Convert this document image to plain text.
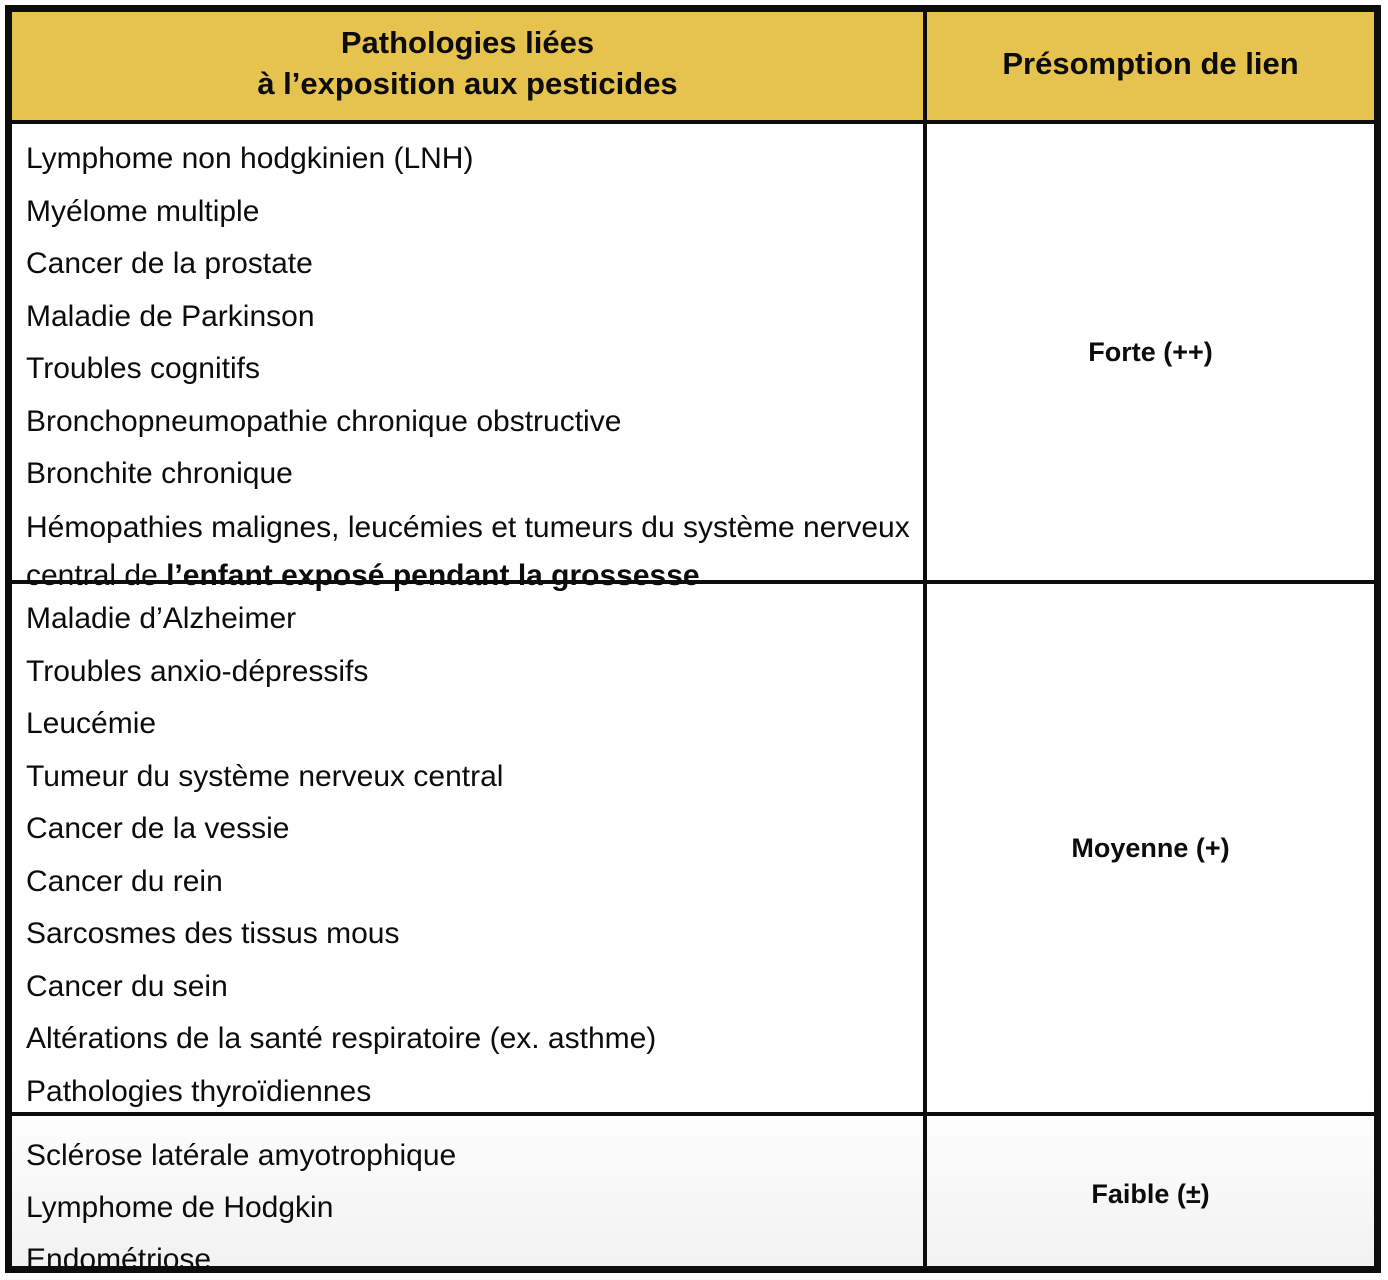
Pathologies liées
à l’exposition aux pesticides
Présomption de lien
Lymphome non hodgkinien (LNH)
Myélome multiple
Cancer de la prostate
Maladie de Parkinson
Troubles cognitifs
Bronchopneumopathie chronique obstructive
Bronchite chronique
Hémopathies malignes, leucémies et tumeurs du système nerveux central de l’enfant exposé pendant la grossesse
Forte (++)
Maladie d’Alzheimer
Troubles anxio-dépressifs
Leucémie
Tumeur du système nerveux central
Cancer de la vessie
Cancer du rein
Sarcosmes des tissus mous
Cancer du sein
Altérations de la santé respiratoire (ex. asthme)
Pathologies thyroïdiennes
Moyenne (+)
Sclérose latérale amyotrophique
Lymphome de Hodgkin
Endométriose
Faible (±)
